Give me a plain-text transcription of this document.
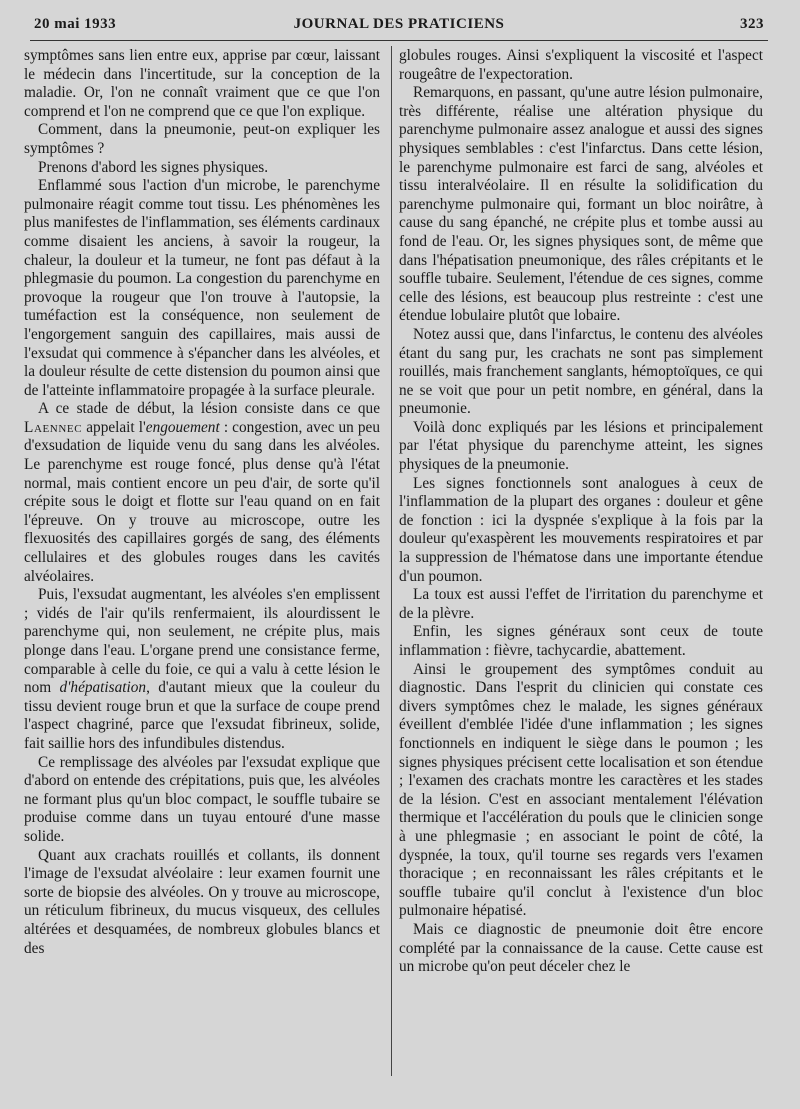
20 mai 1933	JOURNAL DES PRATICIENS	323

symptômes sans lien entre eux, apprise par cœur, laissant le médecin dans l'incertitude, sur la conception de la maladie. Or, l'on ne connaît vraiment que ce que l'on comprend et l'on ne comprend que ce que l'on explique.

Comment, dans la pneumonie, peut-on expliquer les symptômes ?

Prenons d'abord les signes physiques.

Enflammé sous l'action d'un microbe, le parenchyme pulmonaire réagit comme tout tissu. Les phénomènes les plus manifestes de l'inflammation, ses éléments cardinaux comme disaient les anciens, à savoir la rougeur, la chaleur, la douleur et la tumeur, ne font pas défaut à la phlegmasie du poumon. La congestion du parenchyme en provoque la rougeur que l'on trouve à l'autopsie, la tuméfaction est la conséquence, non seulement de l'engorgement sanguin des capillaires, mais aussi de l'exsudat qui commence à s'épancher dans les alvéoles, et la douleur résulte de cette distension du poumon ainsi que de l'atteinte inflammatoire propagée à la surface pleurale.

A ce stade de début, la lésion consiste dans ce que Laennec appelait l'engouement : congestion, avec un peu d'exsudation de liquide venu du sang dans les alvéoles. Le parenchyme est rouge foncé, plus dense qu'à l'état normal, mais contient encore un peu d'air, de sorte qu'il crépite sous le doigt et flotte sur l'eau quand on en fait l'épreuve. On y trouve au microscope, outre les flexuosités des capillaires gorgés de sang, des éléments cellulaires et des globules rouges dans les cavités alvéolaires.

Puis, l'exsudat augmentant, les alvéoles s'en emplissent ; vidés de l'air qu'ils renfermaient, ils alourdissent le parenchyme qui, non seulement, ne crépite plus, mais plonge dans l'eau. L'organe prend une consistance ferme, comparable à celle du foie, ce qui a valu à cette lésion le nom d'hépatisation, d'autant mieux que la couleur du tissu devient rouge brun et que la surface de coupe prend l'aspect chagriné, parce que l'exsudat fibrineux, solide, fait saillie hors des infundibules distendus.

Ce remplissage des alvéoles par l'exsudat explique que d'abord on entende des crépitations, puis que, les alvéoles ne formant plus qu'un bloc compact, le souffle tubaire se produise comme dans un tuyau entouré d'une masse solide.

Quant aux crachats rouillés et collants, ils donnent l'image de l'exsudat alvéolaire : leur examen fournit une sorte de biopsie des alvéoles. On y trouve au microscope, un réticulum fibrineux, du mucus visqueux, des cellules altérées et desquamées, de nombreux globules blancs et des

globules rouges. Ainsi s'expliquent la viscosité et l'aspect rougeâtre de l'expectoration.

Remarquons, en passant, qu'une autre lésion pulmonaire, très différente, réalise une altération physique du parenchyme pulmonaire assez analogue et aussi des signes physiques semblables : c'est l'infarctus. Dans cette lésion, le parenchyme pulmonaire est farci de sang, alvéoles et tissu interalvéolaire. Il en résulte la solidification du parenchyme pulmonaire qui, formant un bloc noirâtre, à cause du sang épanché, ne crépite plus et tombe aussi au fond de l'eau. Or, les signes physiques sont, de même que dans l'hépatisation pneumonique, des râles crépitants et le souffle tubaire. Seulement, l'étendue de ces signes, comme celle des lésions, est beaucoup plus restreinte : c'est une étendue lobulaire plutôt que lobaire.

Notez aussi que, dans l'infarctus, le contenu des alvéoles étant du sang pur, les crachats ne sont pas simplement rouillés, mais franchement sanglants, hémoptoïques, ce qui ne se voit que pour un petit nombre, en général, dans la pneumonie.

Voilà donc expliqués par les lésions et principalement par l'état physique du parenchyme atteint, les signes physiques de la pneumonie.

Les signes fonctionnels sont analogues à ceux de l'inflammation de la plupart des organes : douleur et gêne de fonction : ici la dyspnée s'explique à la fois par la douleur qu'exaspèrent les mouvements respiratoires et par la suppression de l'hématose dans une importante étendue d'un poumon.

La toux est aussi l'effet de l'irritation du parenchyme et de la plèvre.

Enfin, les signes généraux sont ceux de toute inflammation : fièvre, tachycardie, abattement.

Ainsi le groupement des symptômes conduit au diagnostic. Dans l'esprit du clinicien qui constate ces divers symptômes chez le malade, les signes généraux éveillent d'emblée l'idée d'une inflammation ; les signes fonctionnels en indiquent le siège dans le poumon ; les signes physiques précisent cette localisation et son étendue ; l'examen des crachats montre les caractères et les stades de la lésion. C'est en associant mentalement l'élévation thermique et l'accélération du pouls que le clinicien songe à une phlegmasie ; en associant le point de côté, la dyspnée, la toux, qu'il tourne ses regards vers l'examen thoracique ; en reconnaissant les râles crépitants et le souffle tubaire qu'il conclut à l'existence d'un bloc pulmonaire hépatisé.

Mais ce diagnostic de pneumonie doit être encore complété par la connaissance de la cause. Cette cause est un microbe qu'on peut déceler chez le
